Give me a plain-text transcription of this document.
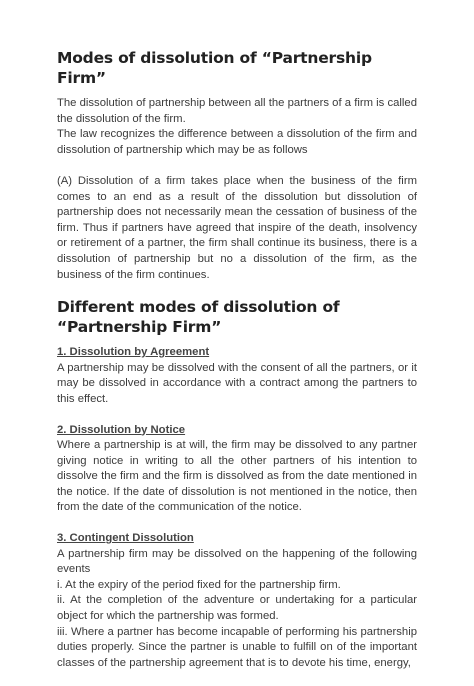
Modes of dissolution of “Partnership Firm”

The dissolution of partnership between all the partners of a firm is called the dissolution of the firm.

The law recognizes the difference between a dissolution of the firm and dissolution of partnership which may be as follows

(A) Dissolution of a firm takes place when the business of the firm comes to an end as a result of the dissolution but dissolution of partnership does not necessarily mean the cessation of business of the firm. Thus if partners have agreed that inspire of the death, insolvency or retirement of a partner, the firm shall continue its business, there is a dissolution of partnership but no a dissolution of the firm, as the business of the firm continues.

Different modes of dissolution of “Partnership Firm”
1. Dissolution by Agreement

A partnership may be dissolved with the consent of all the partners, or it may be dissolved in accordance with a contract among the partners to this effect.

2. Dissolution by Notice

Where a partnership is at will, the firm may be dissolved to any partner giving notice in writing to all the other partners of his intention to dissolve the firm and the firm is dissolved as from the date mentioned in the notice. If the date of dissolution is not mentioned in the notice, then from the date of the communication of the notice.

3. Contingent Dissolution

A partnership firm may be dissolved on the happening of the following events

i. At the expiry of the period fixed for the partnership firm.

ii. At the completion of the adventure or undertaking for a particular object for which the partnership was formed.

iii. Where a partner has become incapable of performing his partnership duties properly. Since the partner is unable to fulfill on of the important classes of the partnership agreement that is to devote his time, energy,
